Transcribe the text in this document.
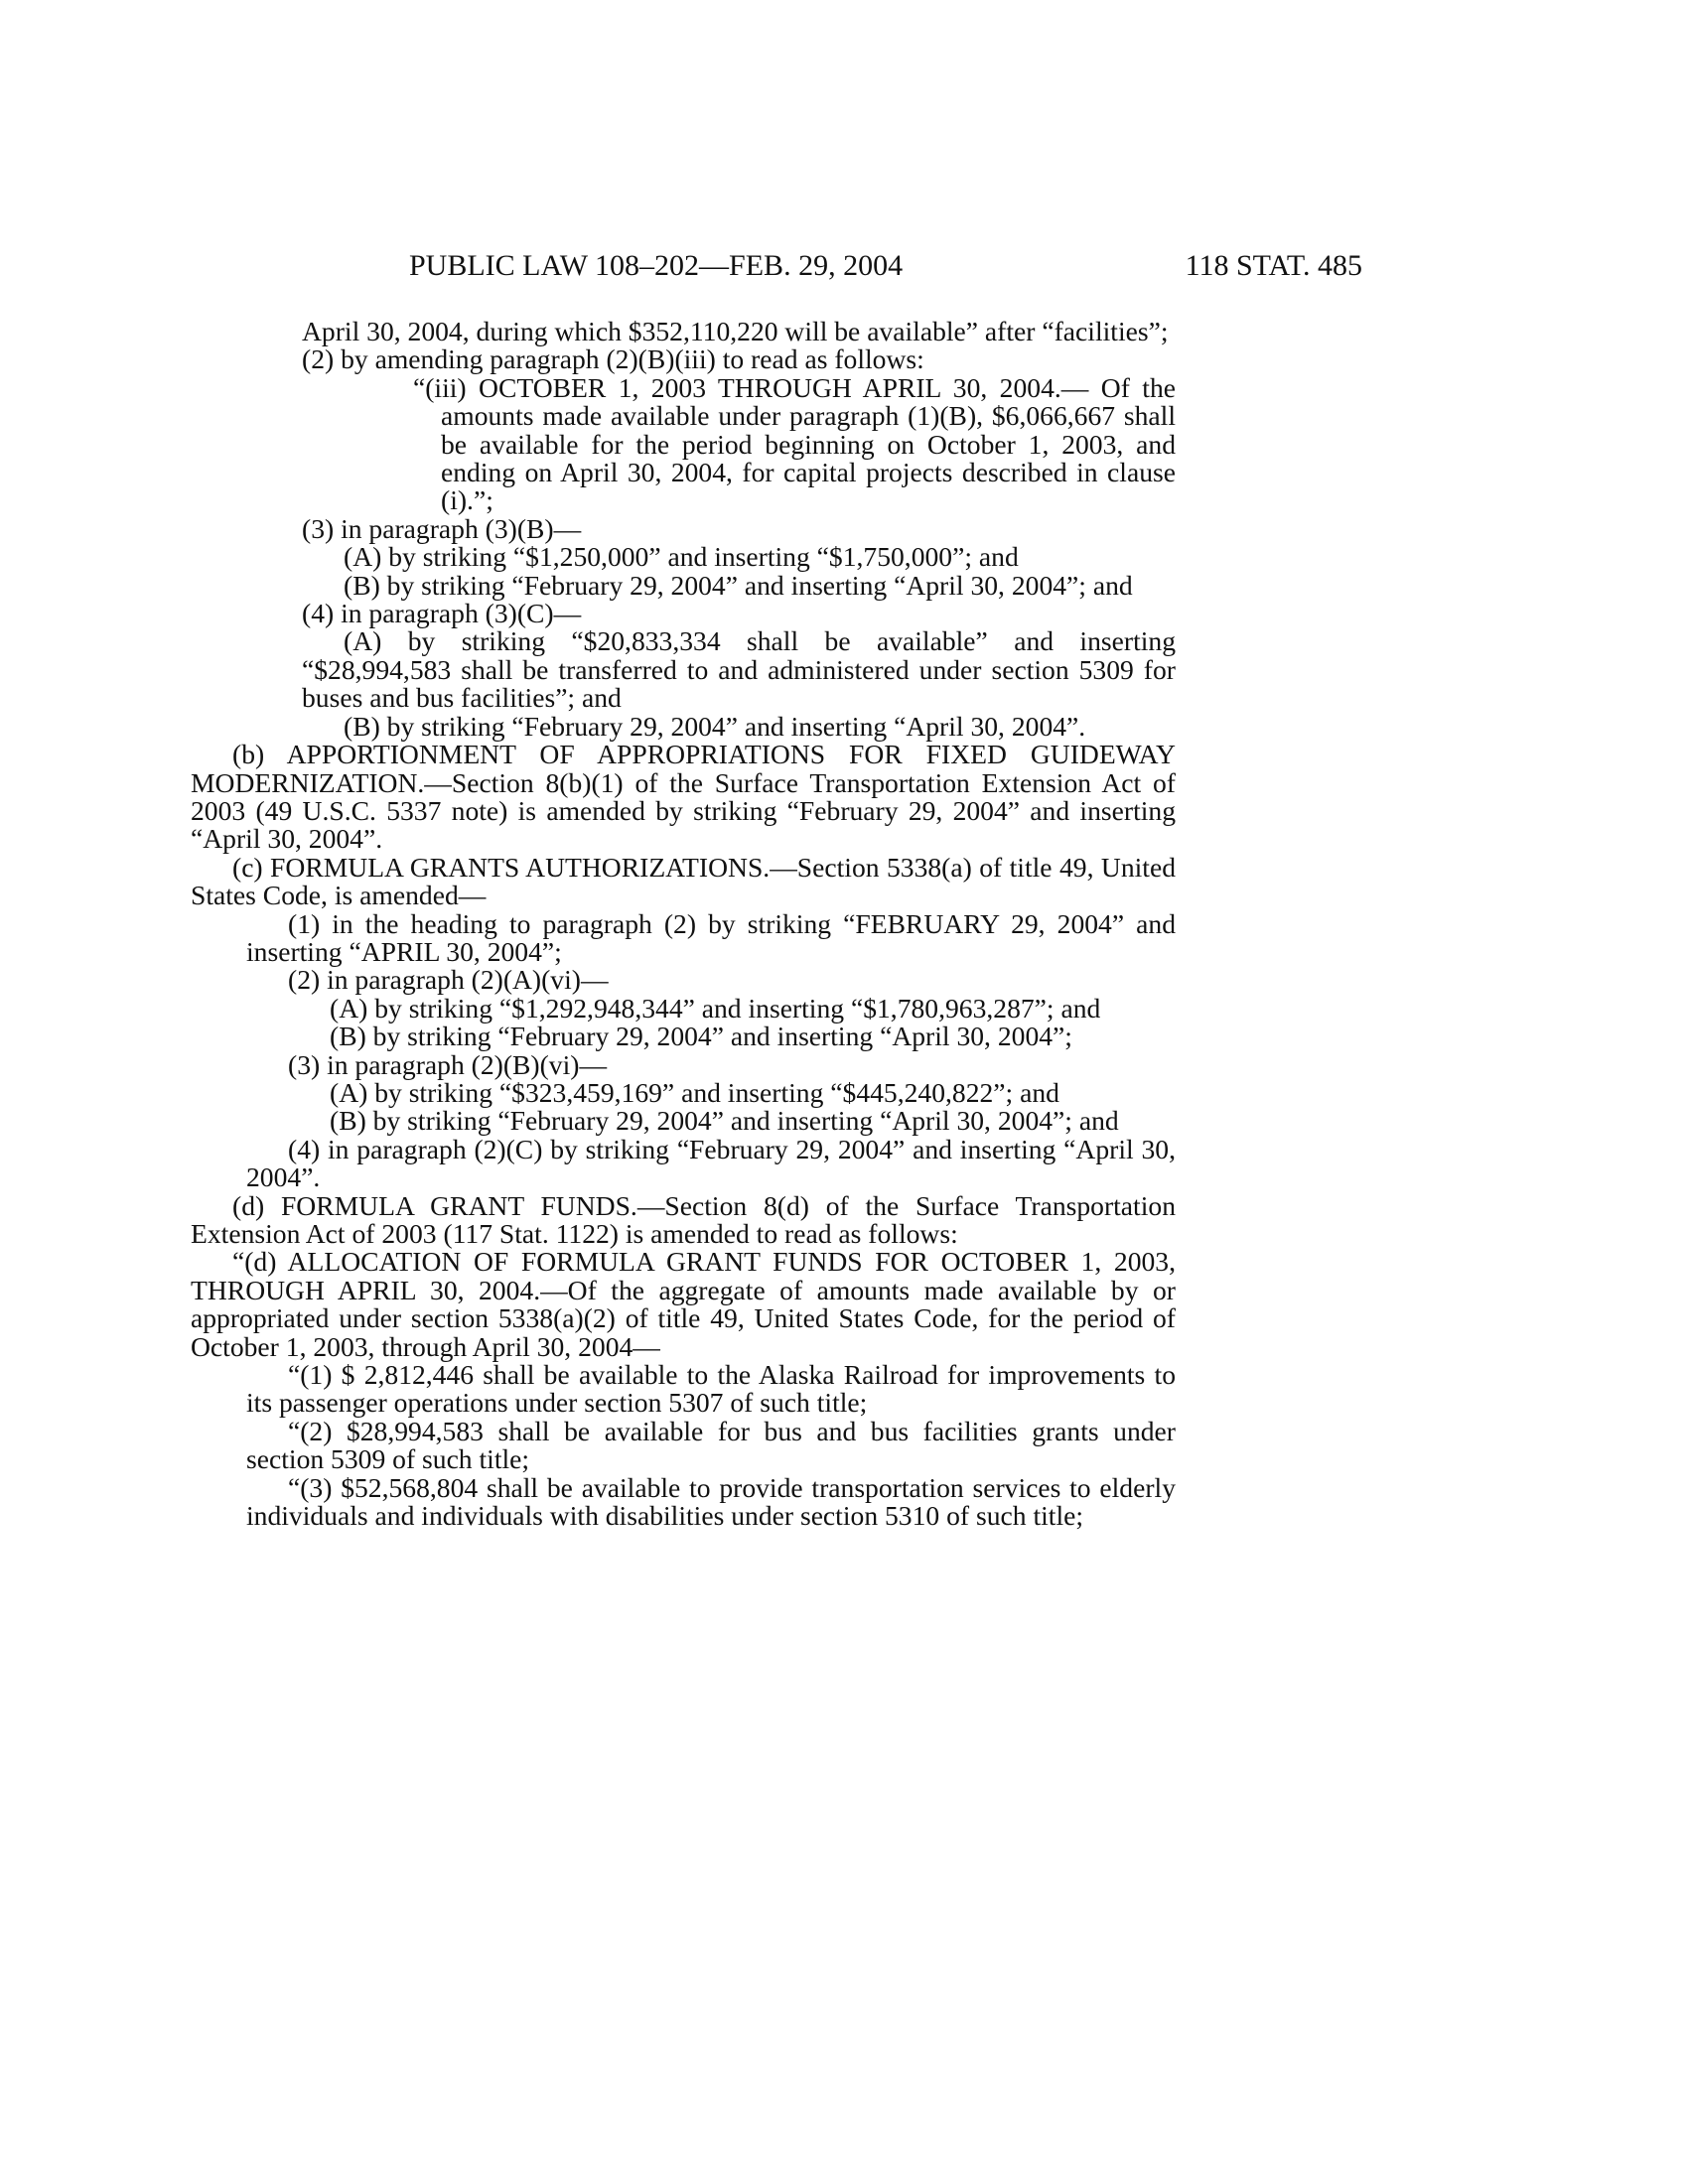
PUBLIC LAW 108–202—FEB. 29, 2004	118 STAT. 485

April 30, 2004, during which $352,110,220 will be available” after “facilities”;

(2) by amending paragraph (2)(B)(iii) to read as follows:

“(iii) OCTOBER 1, 2003 THROUGH APRIL 30, 2004.— Of the amounts made available under paragraph (1)(B), $6,066,667 shall be available for the period beginning on October 1, 2003, and ending on April 30, 2004, for capital projects described in clause (i).”;

(3) in paragraph (3)(B)—

(A) by striking “$1,250,000” and inserting “$1,750,000”; and

(B) by striking “February 29, 2004” and inserting “April 30, 2004”; and

(4) in paragraph (3)(C)—

(A) by striking “$20,833,334 shall be available” and inserting “$28,994,583 shall be transferred to and administered under section 5309 for buses and bus facilities”; and

(B) by striking “February 29, 2004” and inserting “April 30, 2004”.

(b) APPORTIONMENT OF APPROPRIATIONS FOR FIXED GUIDEWAY MODERNIZATION.—Section 8(b)(1) of the Surface Transportation Extension Act of 2003 (49 U.S.C. 5337 note) is amended by striking “February 29, 2004” and inserting “April 30, 2004”.

(c) FORMULA GRANTS AUTHORIZATIONS.—Section 5338(a) of title 49, United States Code, is amended—

(1) in the heading to paragraph (2) by striking “FEBRUARY 29, 2004” and inserting “APRIL 30, 2004”;

(2) in paragraph (2)(A)(vi)—

(A) by striking “$1,292,948,344” and inserting “$1,780,963,287”; and

(B) by striking “February 29, 2004” and inserting “April 30, 2004”;

(3) in paragraph (2)(B)(vi)—

(A) by striking “$323,459,169” and inserting “$445,240,822”; and

(B) by striking “February 29, 2004” and inserting “April 30, 2004”; and

(4) in paragraph (2)(C) by striking “February 29, 2004” and inserting “April 30, 2004”.

(d) FORMULA GRANT FUNDS.—Section 8(d) of the Surface Transportation Extension Act of 2003 (117 Stat. 1122) is amended to read as follows:

“(d) ALLOCATION OF FORMULA GRANT FUNDS FOR OCTOBER 1, 2003, THROUGH APRIL 30, 2004.—Of the aggregate of amounts made available by or appropriated under section 5338(a)(2) of title 49, United States Code, for the period of October 1, 2003, through April 30, 2004—

“(1) $ 2,812,446 shall be available to the Alaska Railroad for improvements to its passenger operations under section 5307 of such title;

“(2) $28,994,583 shall be available for bus and bus facilities grants under section 5309 of such title;

“(3) $52,568,804 shall be available to provide transportation services to elderly individuals and individuals with disabilities under section 5310 of such title;
